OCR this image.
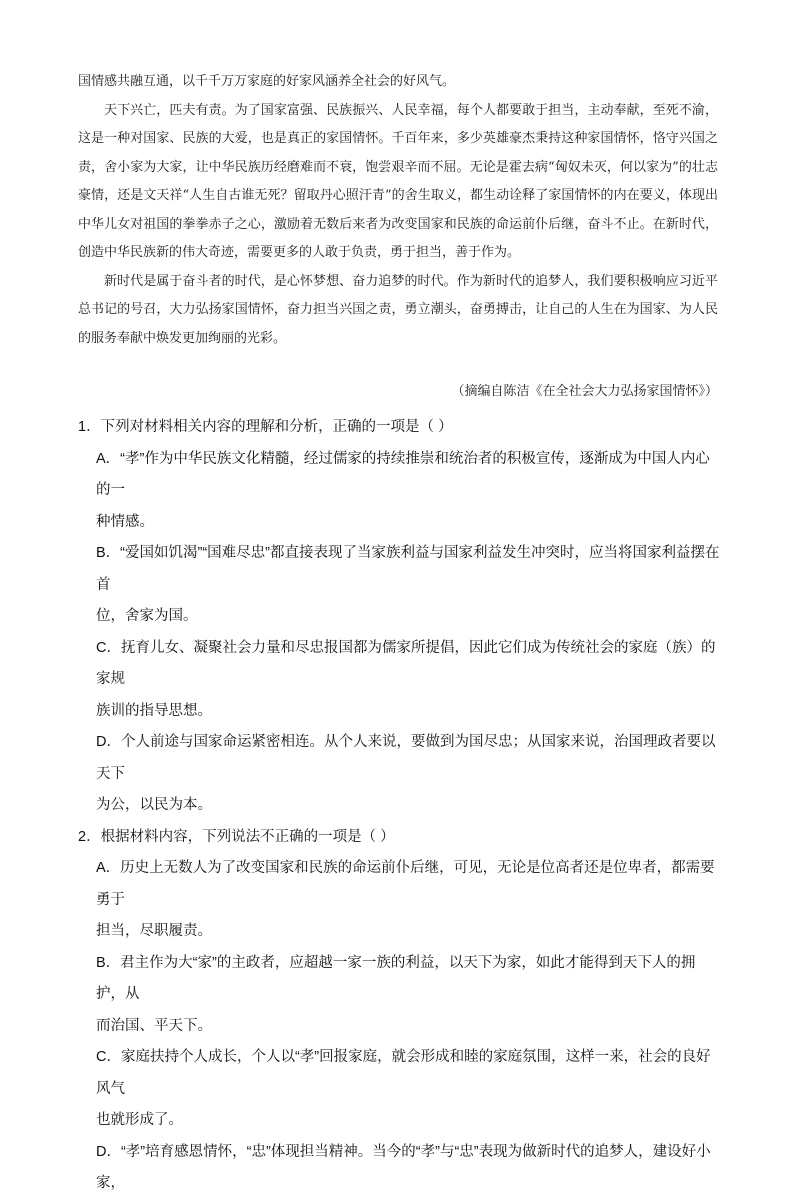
国情感共融互通，以千千万万家庭的好家风涵养全社会的好风气。

天下兴亡，匹夫有责。为了国家富强、民族振兴、人民幸福，每个人都要敢于担当，主动奉献，至死不渝，这是一种对国家、民族的大爱，也是真正的家国情怀。千百年来，多少英雄豪杰秉持这种家国情怀，恪守兴国之责，舍小家为大家，让中华民族历经磨难而不衰，饱尝艰辛而不屈。无论是霍去病“匈奴未灭，何以家为”的壮志豪情，还是文天祥“人生自古谁无死？留取丹心照汗青”的舍生取义，都生动诠释了家国情怀的内在要义，体现出中华儿女对祖国的拳拳赤子之心，激励着无数后来者为改变国家和民族的命运前仆后继，奋斗不止。在新时代，创造中华民族新的伟大奇迹，需要更多的人敢于负责，勇于担当，善于作为。

新时代是属于奋斗者的时代，是心怀梦想、奋力追梦的时代。作为新时代的追梦人，我们要积极响应习近平总书记的号召，大力弘扬家国情怀，奋力担当兴国之责，勇立潮头，奋勇搏击，让自己的人生在为国家、为人民的服务奉献中焕发更加绚丽的光彩。

（摘编自陈洁《在全社会大力弘扬家国情怀》）

1．下列对材料相关内容的理解和分析，正确的一项是（ ）

A．“孝”作为中华民族文化精髓，经过儒家的持续推崇和统治者的积极宣传，逐渐成为中国人内心的一
种情感。
B．“爱国如饥渴”“国难尽忠”都直接表现了当家族利益与国家利益发生冲突时，应当将国家利益摆在首
位，舍家为国。
C．抚育儿女、凝聚社会力量和尽忠报国都为儒家所提倡，因此它们成为传统社会的家庭（族）的家规
族训的指导思想。
D．个人前途与国家命运紧密相连。从个人来说，要做到为国尽忠；从国家来说，治国理政者要以天下
为公，以民为本。

2．根据材料内容，下列说法不正确的一项是（ ）

A．历史上无数人为了改变国家和民族的命运前仆后继，可见，无论是位高者还是位卑者，都需要勇于
担当，尽职履责。
B．君主作为大“家”的主政者，应超越一家一族的利益，以天下为家，如此才能得到天下人的拥护，从
而治国、平天下。
C．家庭扶持个人成长，个人以“孝”回报家庭，就会形成和睦的家庭氛围，这样一来，社会的良好风气
也就形成了。
D．“孝”培育感恩情怀，“忠”体现担当精神。当今的“孝”与“忠”表现为做新时代的追梦人，建设好小家，
